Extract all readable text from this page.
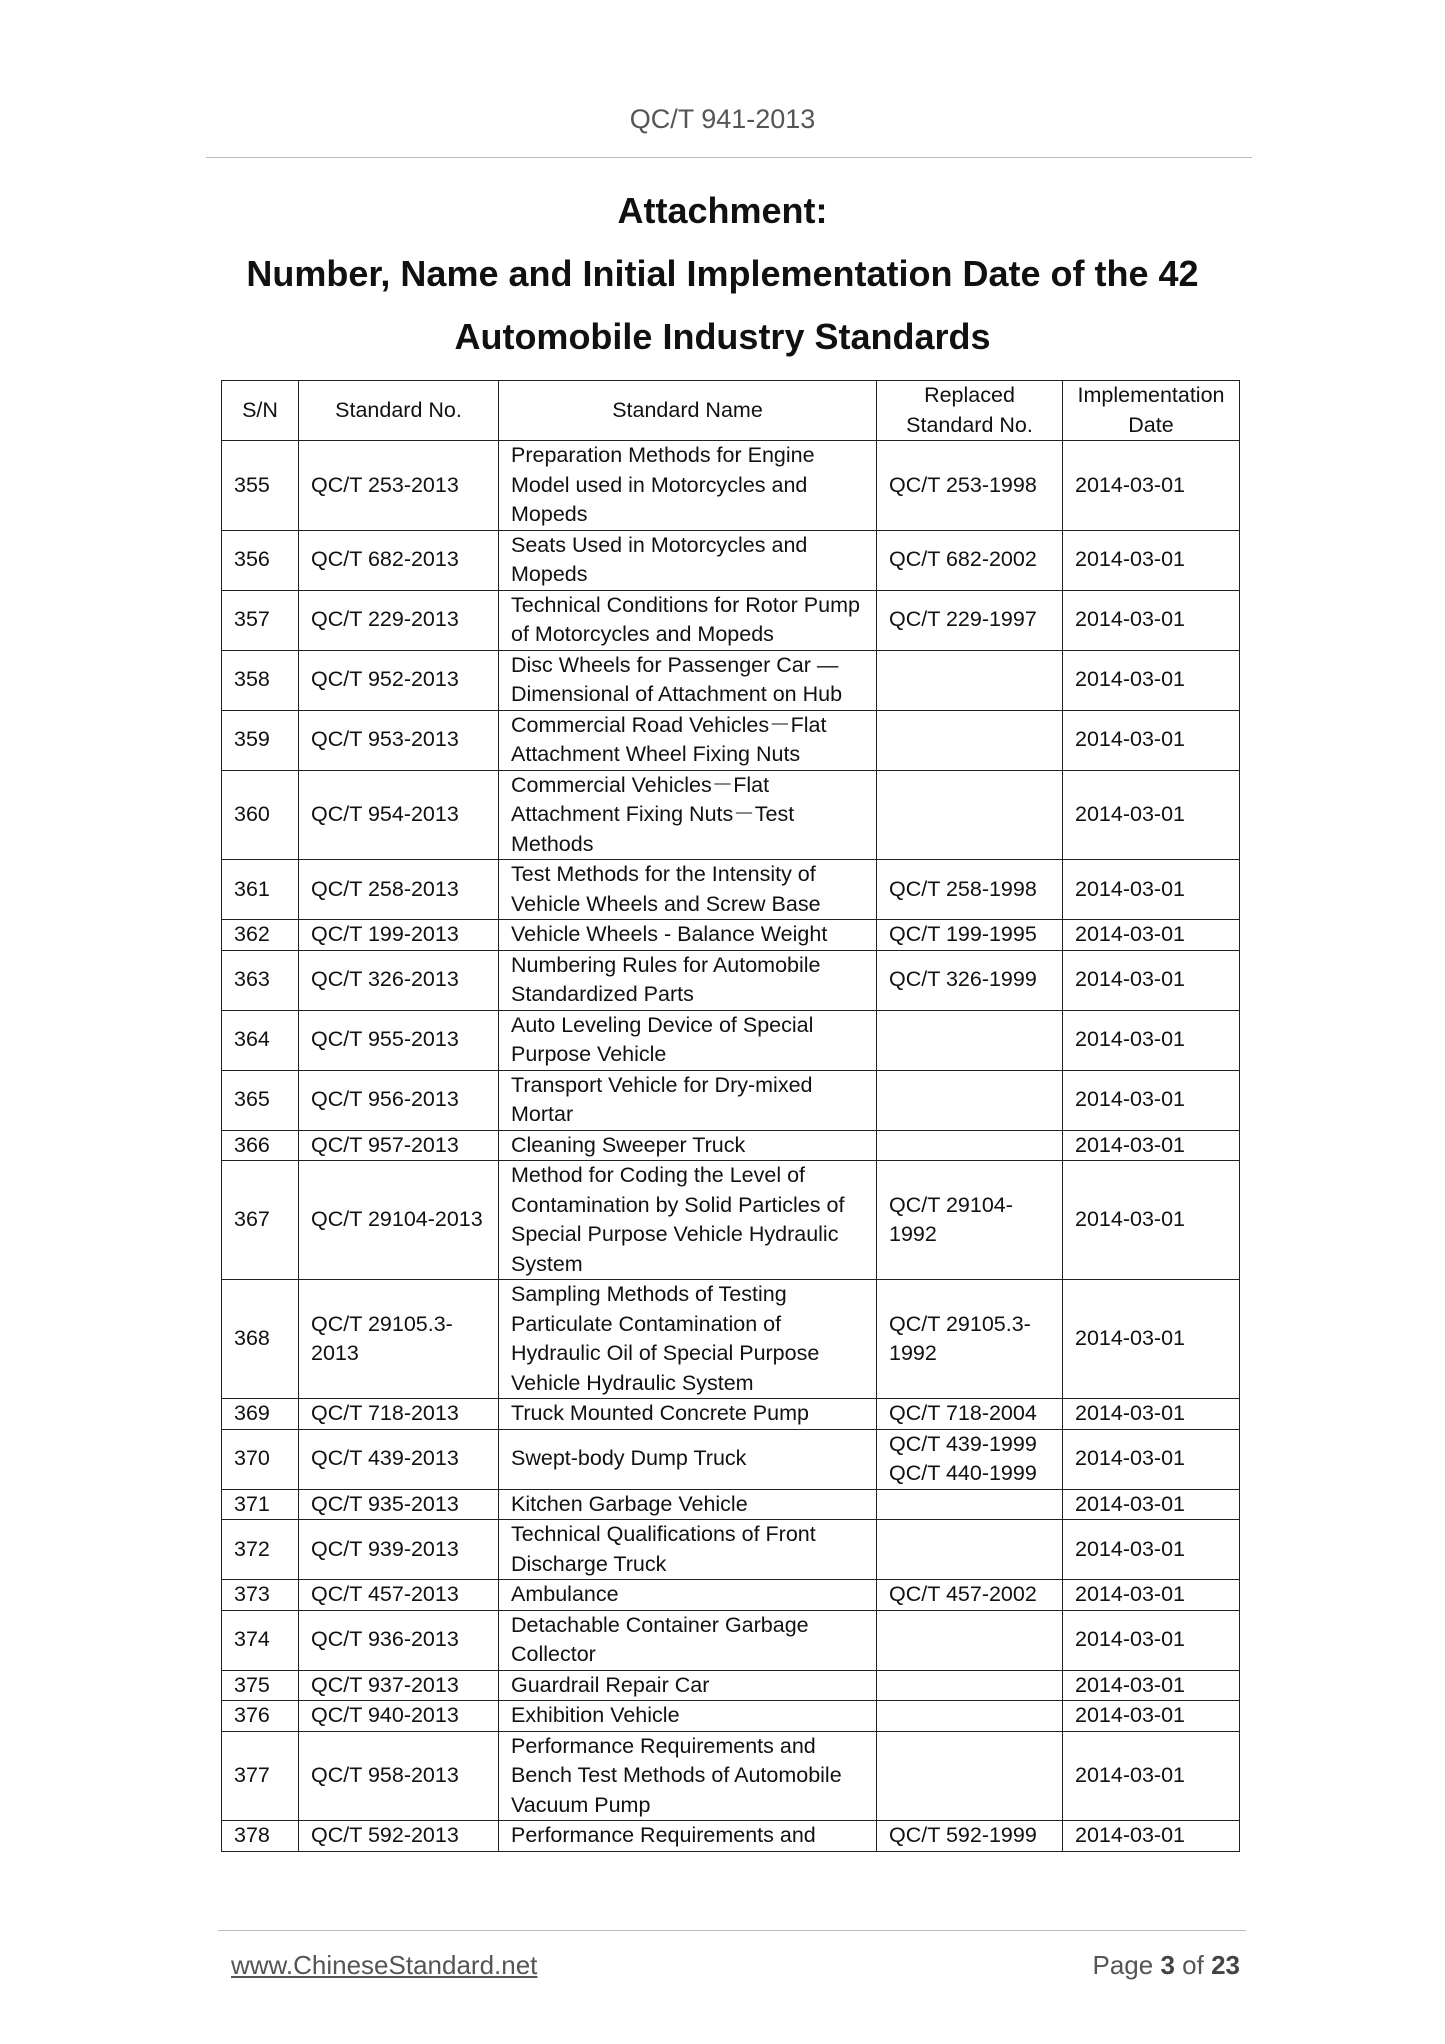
QC/T 941-2013
Attachment:
Number, Name and Initial Implementation Date of the 42
Automobile Industry Standards
S/N	Standard No.	Standard Name	Replaced Standard No.	Implementation Date
355	QC/T 253-2013	Preparation Methods for Engine Model used in Motorcycles and Mopeds	QC/T 253-1998	2014-03-01
356	QC/T 682-2013	Seats Used in Motorcycles and Mopeds	QC/T 682-2002	2014-03-01
357	QC/T 229-2013	Technical Conditions for Rotor Pump of Motorcycles and Mopeds	QC/T 229-1997	2014-03-01
358	QC/T 952-2013	Disc Wheels for Passenger Car — Dimensional of Attachment on Hub		2014-03-01
359	QC/T 953-2013	Commercial Road Vehicles－Flat Attachment Wheel Fixing Nuts		2014-03-01
360	QC/T 954-2013	Commercial Vehicles－Flat Attachment Fixing Nuts－Test Methods		2014-03-01
361	QC/T 258-2013	Test Methods for the Intensity of Vehicle Wheels and Screw Base	QC/T 258-1998	2014-03-01
362	QC/T 199-2013	Vehicle Wheels - Balance Weight	QC/T 199-1995	2014-03-01
363	QC/T 326-2013	Numbering Rules for Automobile Standardized Parts	QC/T 326-1999	2014-03-01
364	QC/T 955-2013	Auto Leveling Device of Special Purpose Vehicle		2014-03-01
365	QC/T 956-2013	Transport Vehicle for Dry-mixed Mortar		2014-03-01
366	QC/T 957-2013	Cleaning Sweeper Truck		2014-03-01
367	QC/T 29104-2013	Method for Coding the Level of Contamination by Solid Particles of Special Purpose Vehicle Hydraulic System	QC/T 29104-1992	2014-03-01
368	QC/T 29105.3-2013	Sampling Methods of Testing Particulate Contamination of Hydraulic Oil of Special Purpose Vehicle Hydraulic System	QC/T 29105.3-1992	2014-03-01
369	QC/T 718-2013	Truck Mounted Concrete Pump	QC/T 718-2004	2014-03-01
370	QC/T 439-2013	Swept-body Dump Truck	QC/T 439-1999 QC/T 440-1999	2014-03-01
371	QC/T 935-2013	Kitchen Garbage Vehicle		2014-03-01
372	QC/T 939-2013	Technical Qualifications of Front Discharge Truck		2014-03-01
373	QC/T 457-2013	Ambulance	QC/T 457-2002	2014-03-01
374	QC/T 936-2013	Detachable Container Garbage Collector		2014-03-01
375	QC/T 937-2013	Guardrail Repair Car		2014-03-01
376	QC/T 940-2013	Exhibition Vehicle		2014-03-01
377	QC/T 958-2013	Performance Requirements and Bench Test Methods of Automobile Vacuum Pump		2014-03-01
378	QC/T 592-2013	Performance Requirements and	QC/T 592-1999	2014-03-01
www.ChineseStandard.net	Page 3 of 23
